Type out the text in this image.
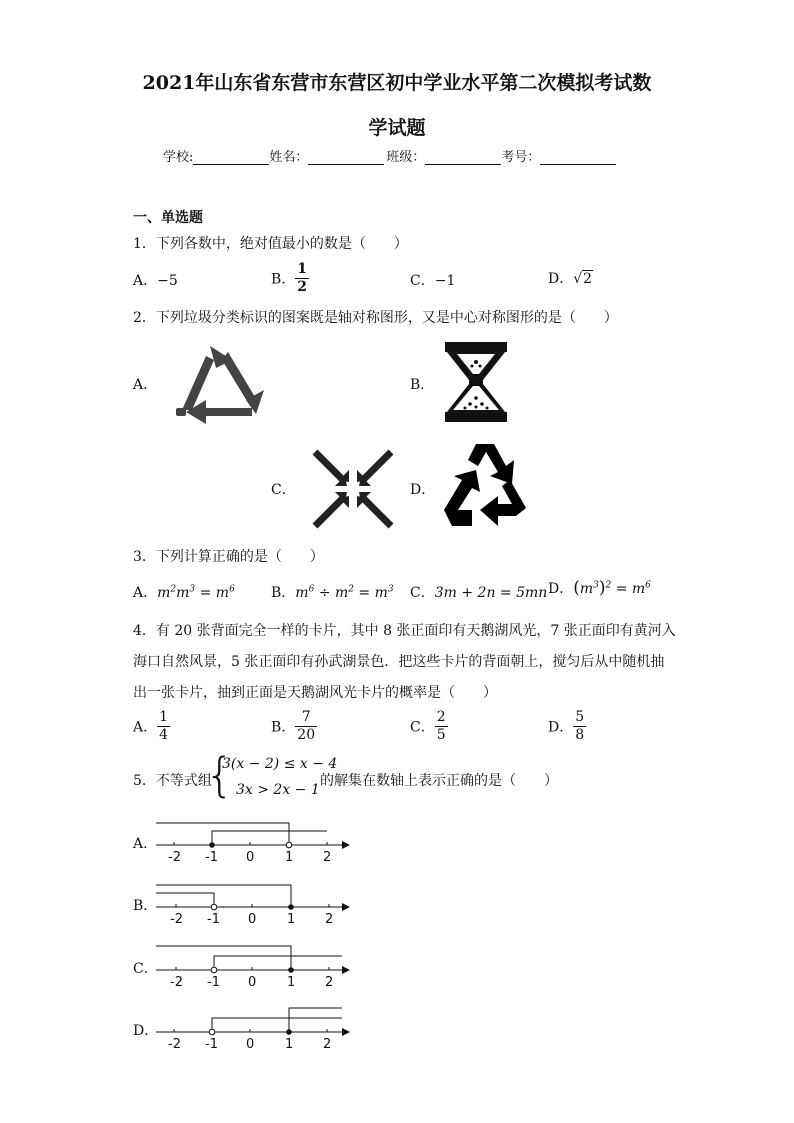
2021年山东省东营市东营区初中学业水平第二次模拟考试数
学试题
学校:	姓名：	班级：	考号：
一、单选题
1．下列各数中，绝对值最小的数是（　　）
A．−5	B． $\frac{1}{2}$	C．−1	D．√2
2．下列垃圾分类标识的图案既是轴对称图形，又是中心对称图形的是（　　）
A．	B．
C．	D．
3．下列计算正确的是（　　）
A．$m^2m^3 = m^6$	B．$m^6 \div m^2 = m^3$ C．3m + 2n = 5mn D．$(m^3)^2 = m^6$
4．有 20 张背面完全一样的卡片，其中 8 张正面印有天鹅湖风光，7 张正面印有黄河入
海口自然风景，5 张正面印有孙武湖景色．把这些卡片的背面朝上，搅匀后从中随机抽
出一张卡片，抽到正面是天鹅湖风光卡片的概率是（　　）
A． $\frac{1}{4}$	B． $\frac{7}{20}$	C． $\frac{2}{5}$	D． $\frac{5}{8}$
5．不等式组
{
3(x − 2) ≤ x − 4
3x > 2x − 1
的解集在数轴上表示正确的是（　　）
A．
B．
C．
D．
-2 -1 0 1 2
-2 -1 0 1 2
-2 -1 0 1 2
-2 -1 0 1 2
